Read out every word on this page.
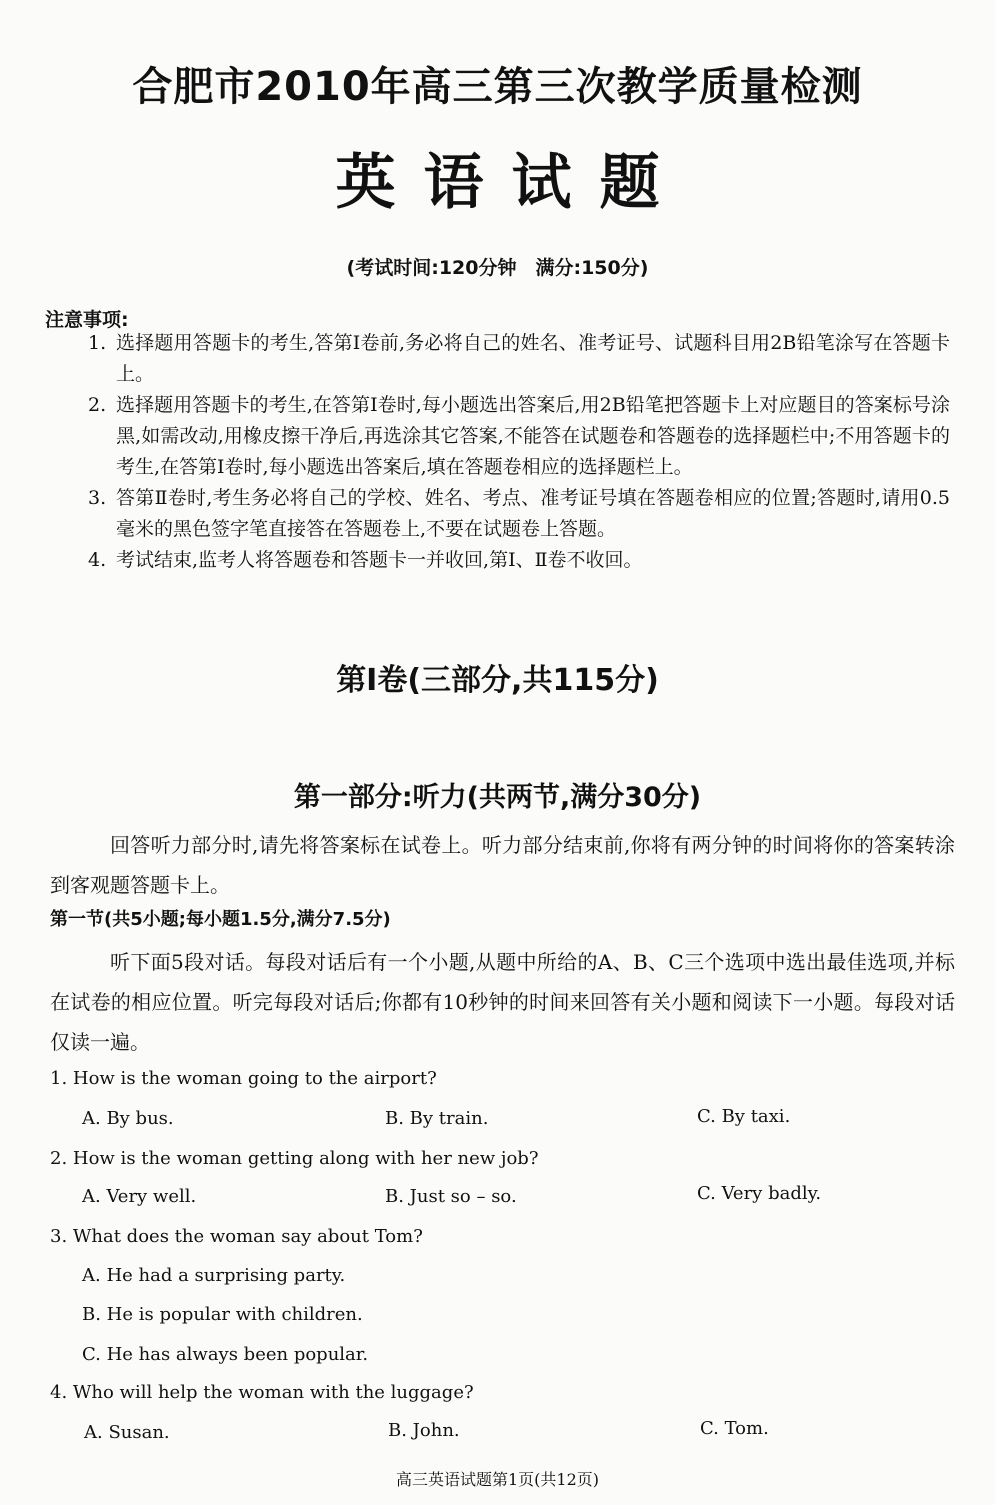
合肥市2010年高三第三次教学质量检测
英语试题
(考试时间:120分钟　满分:150分)
注意事项:
1. 选择题用答题卡的考生,答第Ⅰ卷前,务必将自己的姓名、准考证号、试题科目用2B铅笔涂写在答题卡上。
2. 选择题用答题卡的考生,在答第Ⅰ卷时,每小题选出答案后,用2B铅笔把答题卡上对应题目的答案标号涂黑,如需改动,用橡皮擦干净后,再选涂其它答案,不能答在试题卷和答题卷的选择题栏中;不用答题卡的考生,在答第Ⅰ卷时,每小题选出答案后,填在答题卷相应的选择题栏上。
3. 答第Ⅱ卷时,考生务必将自己的学校、姓名、考点、准考证号填在答题卷相应的位置;答题时,请用0.5毫米的黑色签字笔直接答在答题卷上,不要在试题卷上答题。
4. 考试结束,监考人将答题卷和答题卡一并收回,第Ⅰ、Ⅱ卷不收回。
第Ⅰ卷(三部分,共115分)
第一部分:听力(共两节,满分30分)

回答听力部分时,请先将答案标在试卷上。听力部分结束前,你将有两分钟的时间将你的答案转涂到客观题答题卡上。

第一节(共5小题;每小题1.5分,满分7.5分)

听下面5段对话。每段对话后有一个小题,从题中所给的A、B、C三个选项中选出最佳选项,并标在试卷的相应位置。听完每段对话后;你都有10秒钟的时间来回答有关小题和阅读下一小题。每段对话仅读一遍。

1. How is the woman going to the airport?
A. By bus.	B. By train.	C. By taxi.
2. How is the woman getting along with her new job?
A. Very well.	B. Just so – so.	C. Very badly.
3. What does the woman say about Tom?
A. He had a surprising party.
B. He is popular with children.
C. He has always been popular.
4. Who will help the woman with the luggage?
A. Susan.	B. John.	C. Tom.
高三英语试题第1页(共12页)
